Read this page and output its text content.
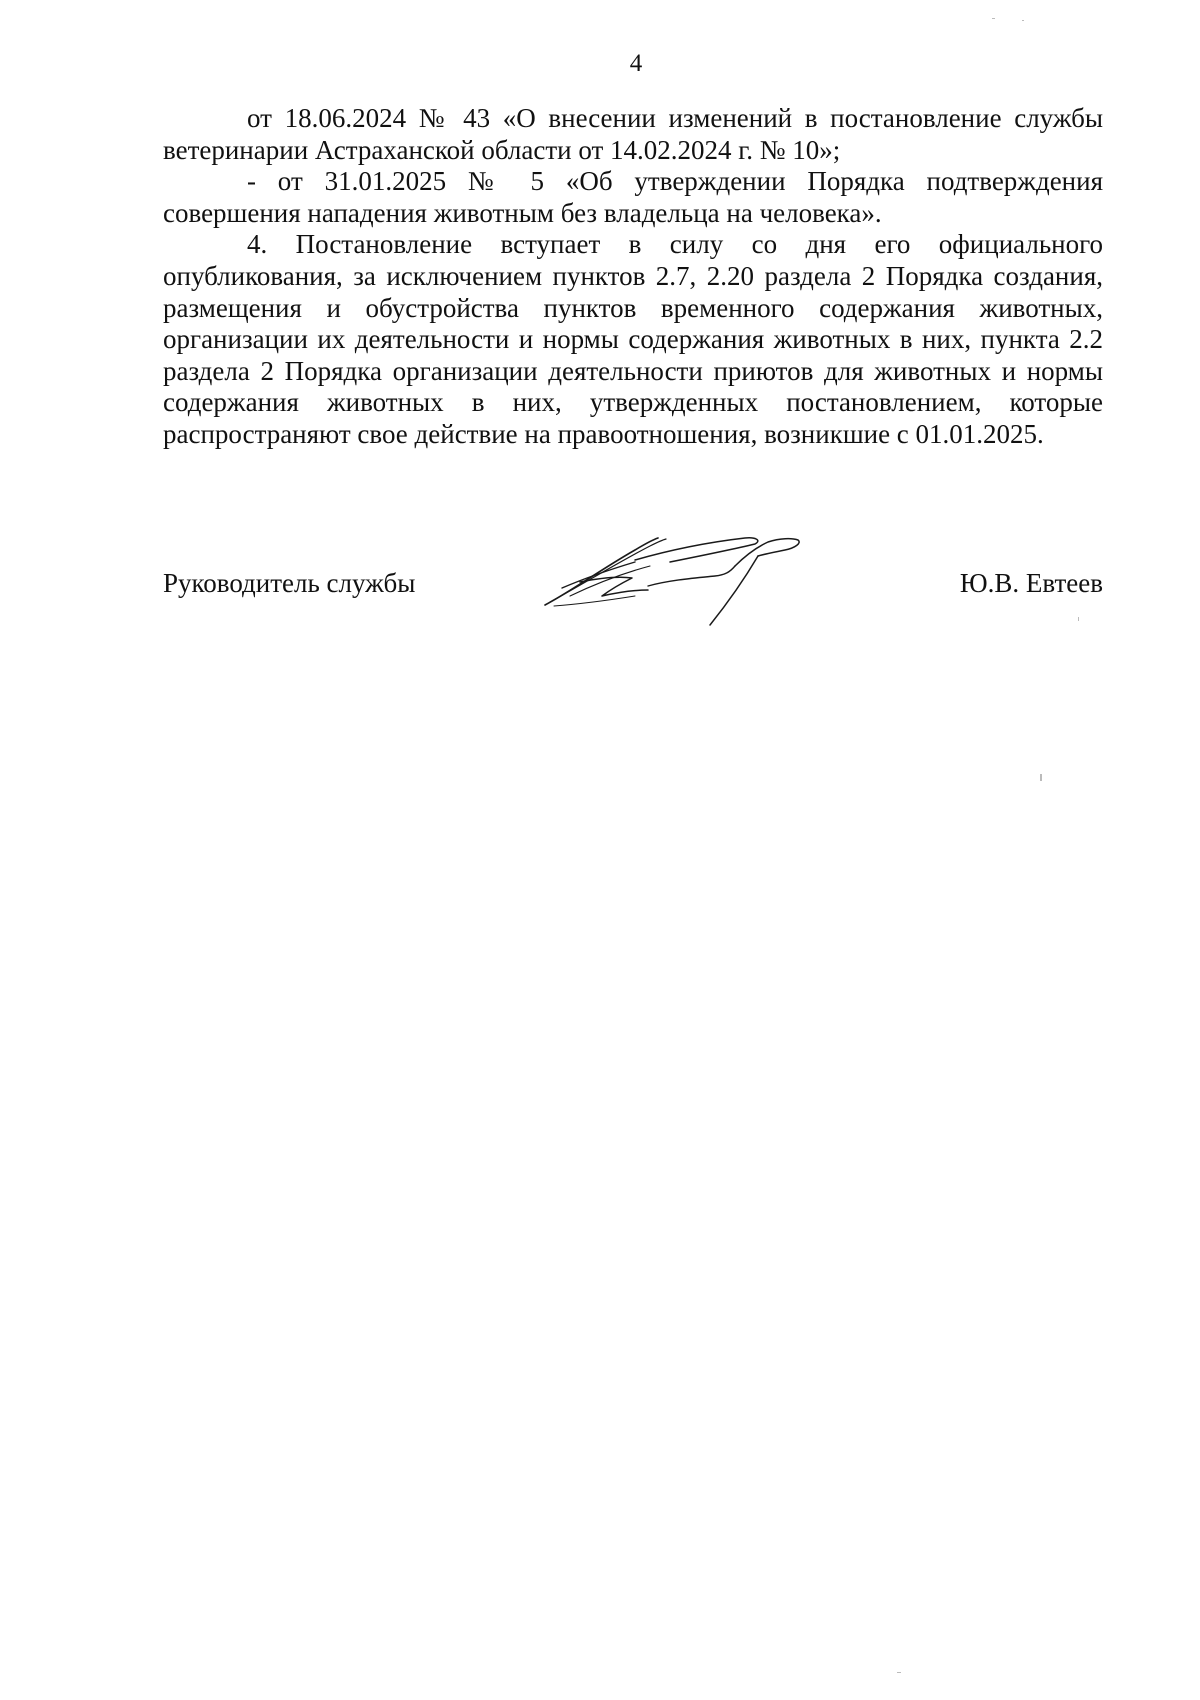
4

от 18.06.2024 № 43 «О внесении изменений в постановление службы ветеринарии Астраханской области от 14.02.2024 г. № 10»;

- от 31.01.2025 № 5 «Об утверждении Порядка подтверждения совершения нападения животным без владельца на человека».

4. Постановление вступает в силу со дня его официального опубликования, за исключением пунктов 2.7, 2.20 раздела 2 Порядка создания, размещения и обустройства пунктов временного содержания животных, организации их деятельности и нормы содержания животных в них, пункта 2.2 раздела 2 Порядка организации деятельности приютов для животных и нормы содержания животных в них, утвержденных постановлением, которые распространяют свое действие на правоотношения, возникшие с 01.01.2025.

Руководитель службы	Ю.В. Евтеев
